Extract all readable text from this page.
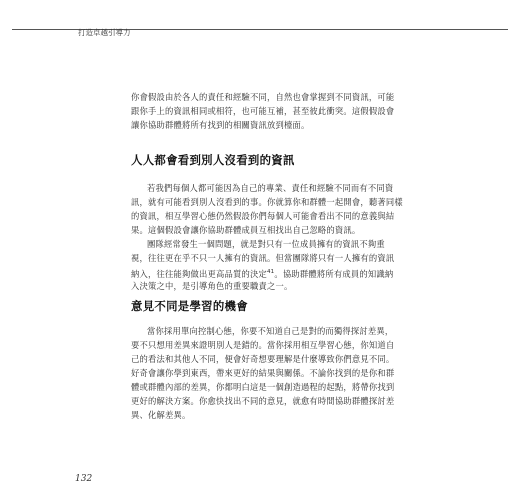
打造卓越引導力
你會假設由於各人的責任和經驗不同，自然也會掌握到不同資訊，可能
跟你手上的資訊相同或相符，也可能互補，甚至彼此衝突。這假假設會
讓你協助群體將所有找到的相關資訊放到檯面。
人人都會看到別人沒看到的資訊
若我們每個人都可能因為自己的專業、責任和經驗不同而有不同資
訊，就有可能看到別人沒看到的事。你就算你和群體一起開會，聽著同樣
的資訊，相互學習心態仍然假設你們每個人可能會看出不同的意義與結
果。這個假設會讓你協助群體成員互相找出自己忽略的資訊。
團隊經常發生一個問題，就是對只有一位成員擁有的資訊不夠重
視，往往更在乎不只一人擁有的資訊。但當團隊將只有一人擁有的資訊
納入，往往能夠做出更高品質的決定$^{41}$。協助群體將所有成員的知識納
入決策之中，是引導角色的重要職責之一。
意見不同是學習的機會
當你採用單向控制心態，你要不知道自己是對的而獨得探討差異，
要不只想用差異來證明別人是錯的。當你採用相互學習心態，你知道自
己的看法和其他人不同，便會好奇想要理解是什麼導致你們意見不同。
好奇會讓你學到東西，帶來更好的結果與關係。不論你找到的是你和群
體或群體內部的差異，你都明白這是一個創造過程的起點，將帶你找到
更好的解決方案。你愈快找出不同的意見，就愈有時間協助群體探討差
異、化解差異。
132
